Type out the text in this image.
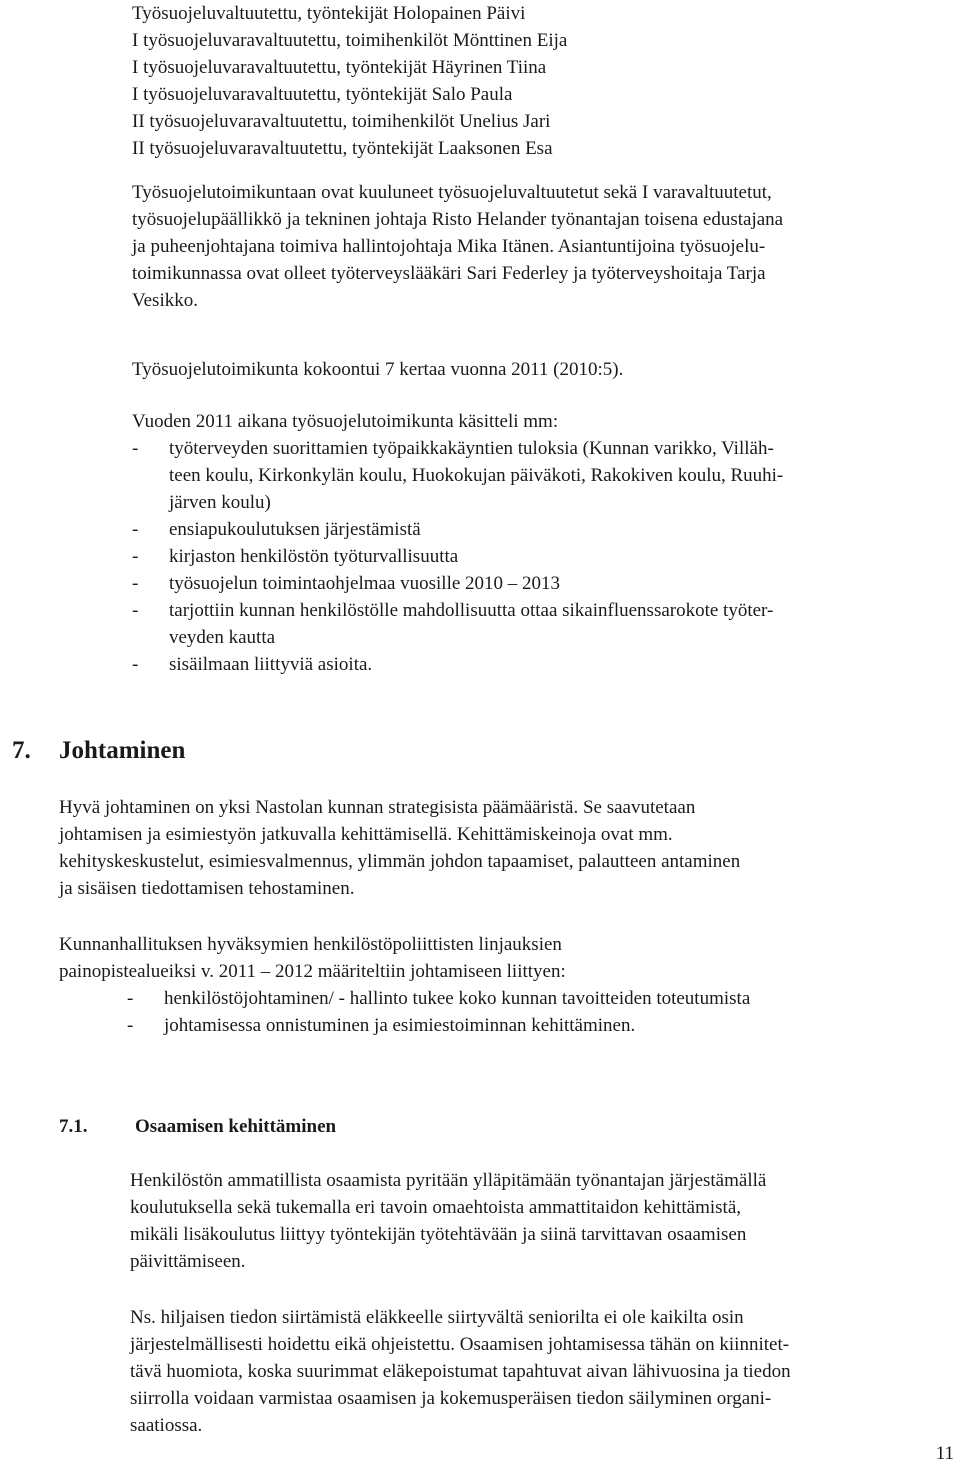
Työsuojeluvaltuutettu, työntekijät Holopainen Päivi
I työsuojeluvaravaltuutettu, toimihenkilöt Mönttinen Eija
I työsuojeluvaravaltuutettu, työntekijät Häyrinen Tiina
I työsuojeluvaravaltuutettu, työntekijät Salo Paula
II työsuojeluvaravaltuutettu, toimihenkilöt Unelius Jari
II työsuojeluvaravaltuutettu, työntekijät Laaksonen Esa
Työsuojelutoimikuntaan ovat kuuluneet työsuojeluvaltuutetut sekä I varavaltuutetut,
työsuojelupäällikkö ja tekninen johtaja Risto Helander työnantajan toisena edustajana
ja puheenjohtajana toimiva hallintojohtaja Mika Itänen. Asiantuntijoina työsuojelu-
toimikunnassa ovat olleet työterveyslääkäri Sari Federley ja työterveyshoitaja Tarja
Vesikko.
Työsuojelutoimikunta kokoontui 7 kertaa vuonna 2011 (2010:5).
Vuoden 2011 aikana työsuojelutoimikunta käsitteli mm:
- työterveyden suorittamien työpaikkakäyntien tuloksia (Kunnan varikko, Villäh-
teen koulu, Kirkonkylän koulu, Huokokujan päiväkoti, Rakokiven koulu, Ruuhi-
järven koulu)
- ensiapukoulutuksen järjestämistä
- kirjaston henkilöstön työturvallisuutta
- työsuojelun toimintaohjelmaa vuosille 2010 – 2013
- tarjottiin kunnan henkilöstölle mahdollisuutta ottaa sikainfluenssarokote työter-
veyden kautta
- sisäilmaan liittyviä asioita.
7. Johtaminen
Hyvä johtaminen on yksi Nastolan kunnan strategisista päämääristä. Se saavutetaan
johtamisen ja esimiestyön jatkuvalla kehittämisellä. Kehittämiskeinoja ovat mm.
kehityskeskustelut, esimiesvalmennus, ylimmän johdon tapaamiset, palautteen antaminen
ja sisäisen tiedottamisen tehostaminen.
Kunnanhallituksen hyväksymien henkilöstöpoliittisten linjauksien
painopistealueiksi v. 2011 – 2012 määriteltiin johtamiseen liittyen:
- henkilöstöjohtaminen/ - hallinto tukee koko kunnan tavoitteiden toteutumista
- johtamisessa onnistuminen ja esimiestoiminnan kehittäminen.
7.1.	Osaamisen kehittäminen
Henkilöstön ammatillista osaamista pyritään ylläpitämään työnantajan järjestämällä
koulutuksella sekä tukemalla eri tavoin omaehtoista ammattitaidon kehittämistä,
mikäli lisäkoulutus liittyy työntekijän työtehtävään ja siinä tarvittavan osaamisen
päivittämiseen.
Ns. hiljaisen tiedon siirtämistä eläkkeelle siirtyvältä seniorilta ei ole kaikilta osin
järjestelmällisesti hoidettu eikä ohjeistettu. Osaamisen johtamisessa tähän on kiinnitet-
tävä huomiota, koska suurimmat eläkepoistumat tapahtuvat aivan lähivuosina ja tiedon
siirrolla voidaan varmistaa osaamisen ja kokemusperäisen tiedon säilyminen organi-
saatiossa.
11
